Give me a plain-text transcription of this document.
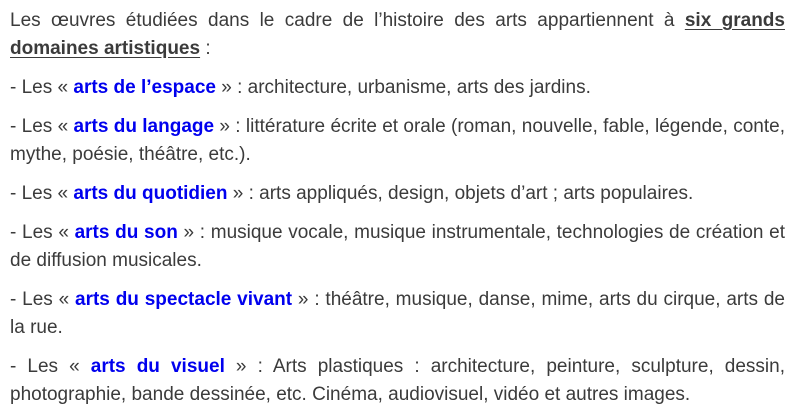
Les œuvres étudiées dans le cadre de l’histoire des arts appartiennent à six grands domaines artistiques :

- Les « arts de l’espace » : architecture, urbanisme, arts des jardins.

- Les « arts du langage » : littérature écrite et orale (roman, nouvelle, fable, légende, conte, mythe, poésie, théâtre, etc.).

- Les « arts du quotidien » : arts appliqués, design, objets d’art ; arts populaires.

- Les « arts du son » : musique vocale, musique instrumentale, technologies de création et de diffusion musicales.

- Les « arts du spectacle vivant » : théâtre, musique, danse, mime, arts du cirque, arts de la rue.

- Les « arts du visuel » : Arts plastiques : architecture, peinture, sculpture, dessin, photographie, bande dessinée, etc. Cinéma, audiovisuel, vidéo et autres images.
